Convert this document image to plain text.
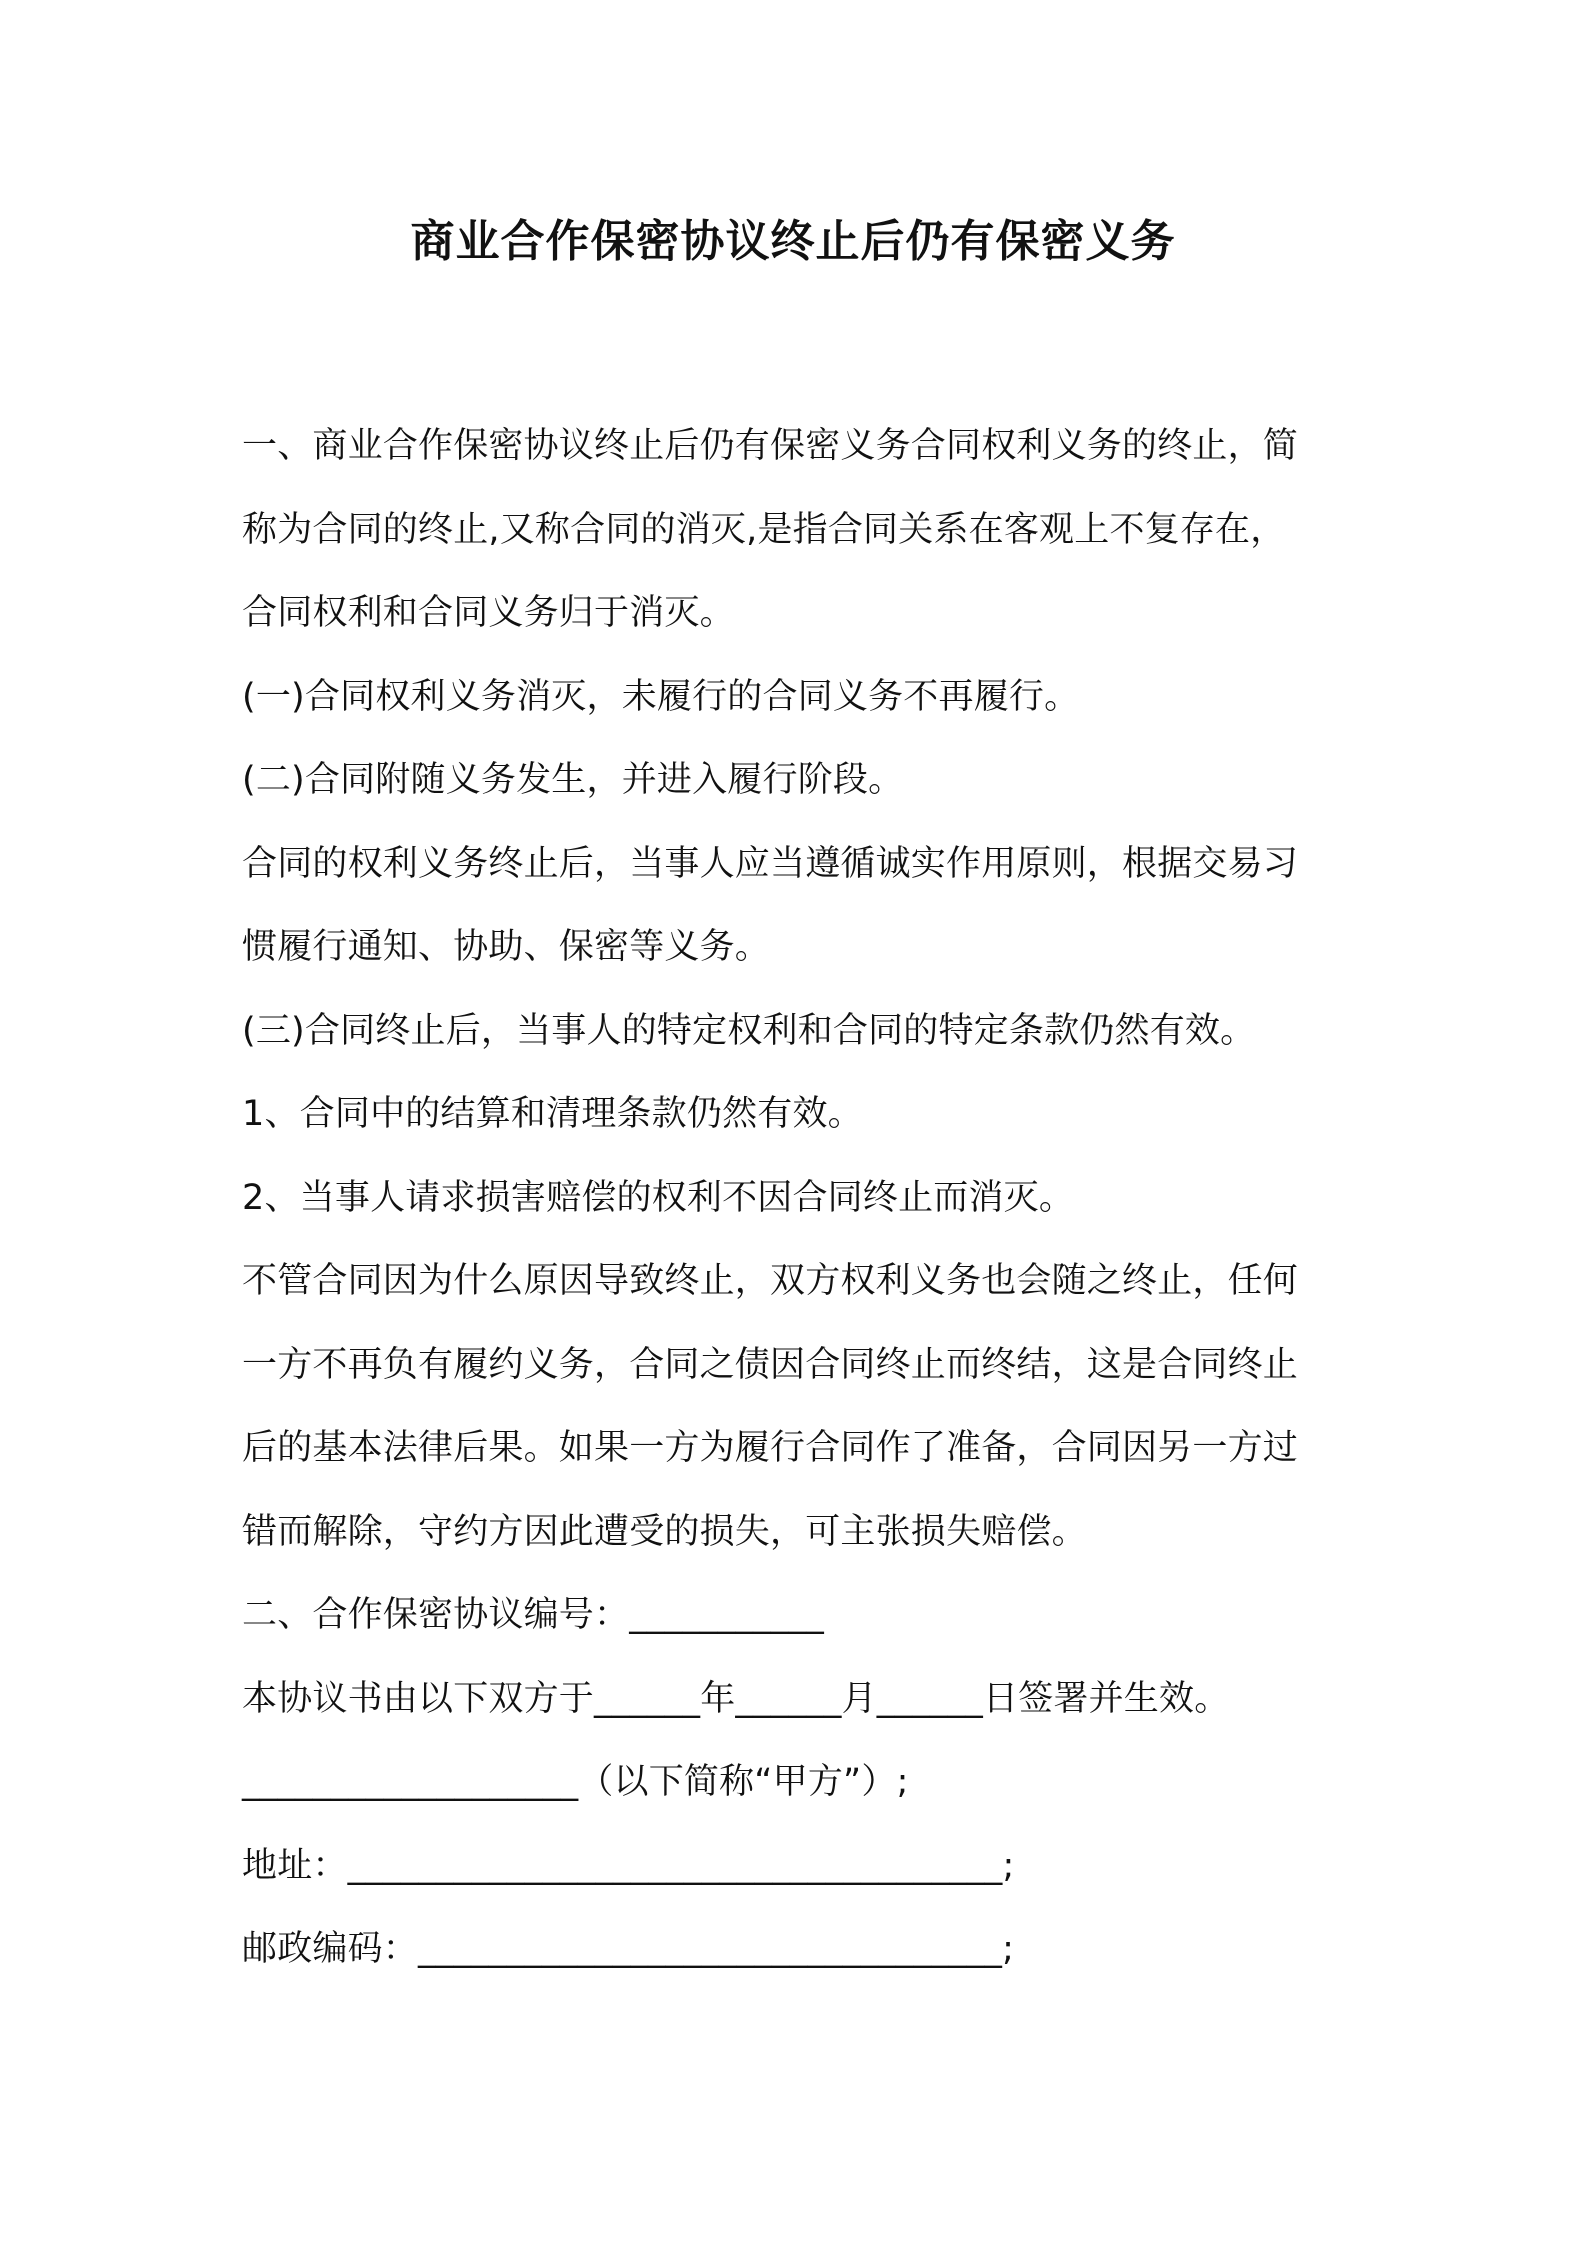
商业合作保密协议终止后仍有保密义务

一、商业合作保密协议终止后仍有保密义务合同权利义务的终止，简

称为合同的终止,又称合同的消灭,是指合同关系在客观上不复存在，

合同权利和合同义务归于消灭。

(一)合同权利义务消灭，未履行的合同义务不再履行。

(二)合同附随义务发生，并进入履行阶段。

合同的权利义务终止后，当事人应当遵循诚实作用原则，根据交易习

惯履行通知、协助、保密等义务。

(三)合同终止后，当事人的特定权利和合同的特定条款仍然有效。

1、合同中的结算和清理条款仍然有效。

2、当事人请求损害赔偿的权利不因合同终止而消灭。

不管合同因为什么原因导致终止，双方权利义务也会随之终止，任何

一方不再负有履约义务，合同之债因合同终止而终结，这是合同终止

后的基本法律后果。如果一方为履行合同作了准备，合同因另一方过

错而解除，守约方因此遭受的损失，可主张损失赔偿。

二、合作保密协议编号：___________

本协议书由以下双方于______年______月______日签署并生效。

___________________（以下简称“甲方”）;

地址：_____________________________________;

邮政编码：_________________________________;
